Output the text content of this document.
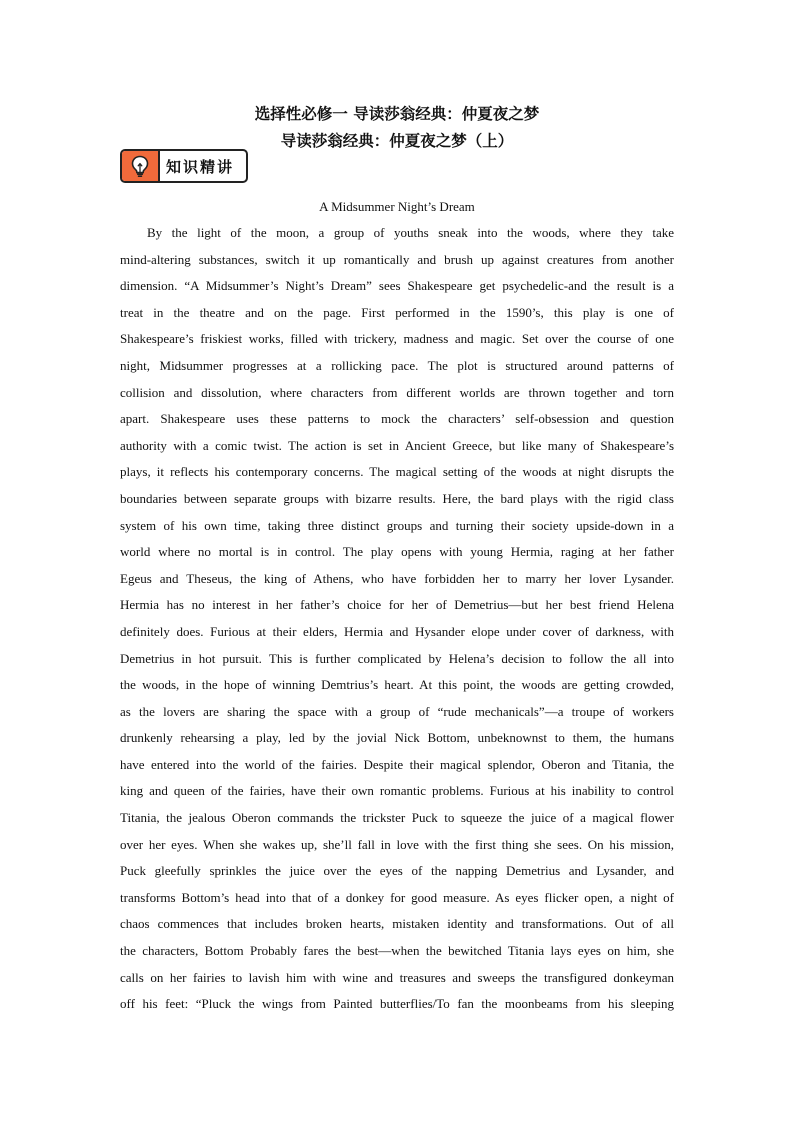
选择性必修一 导读莎翁经典：仲夏夜之梦
导读莎翁经典：仲夏夜之梦（上）
知识精讲
A Midsummer Night’s Dream
By the light of the moon, a group of youths sneak into the woods, where they take
mind-altering substances, switch it up romantically and brush up against creatures from another
dimension. “A Midsummer’s Night’s Dream” sees Shakespeare get psychedelic-and the result is a
treat in the theatre and on the page. First performed in the 1590’s, this play is one of
Shakespeare’s friskiest works, filled with trickery, madness and magic. Set over the course of one
night, Midsummer progresses at a rollicking pace. The plot is structured around patterns of
collision and dissolution, where characters from different worlds are thrown together and torn
apart. Shakespeare uses these patterns to mock the characters’ self-obsession and question
authority with a comic twist. The action is set in Ancient Greece, but like many of Shakespeare’s
plays, it reflects his contemporary concerns. The magical setting of the woods at night disrupts the
boundaries between separate groups with bizarre results. Here, the bard plays with the rigid class
system of his own time, taking three distinct groups and turning their society upside-down in a
world where no mortal is in control. The play opens with young Hermia, raging at her father
Egeus and Theseus, the king of Athens, who have forbidden her to marry her lover Lysander.
Hermia has no interest in her father’s choice for her of Demetrius—but her best friend Helena
definitely does. Furious at their elders, Hermia and Hysander elope under cover of darkness, with
Demetrius in hot pursuit. This is further complicated by Helena’s decision to follow the all into
the woods, in the hope of winning Demtrius’s heart. At this point, the woods are getting crowded,
as the lovers are sharing the space with a group of “rude mechanicals”—a troupe of workers
drunkenly rehearsing a play, led by the jovial Nick Bottom, unbeknownst to them, the humans
have entered into the world of the fairies. Despite their magical splendor, Oberon and Titania, the
king and queen of the fairies, have their own romantic problems. Furious at his inability to control
Titania, the jealous Oberon commands the trickster Puck to squeeze the juice of a magical flower
over her eyes. When she wakes up, she’ll fall in love with the first thing she sees. On his mission,
Puck gleefully sprinkles the juice over the eyes of the napping Demetrius and Lysander, and
transforms Bottom’s head into that of a donkey for good measure. As eyes flicker open, a night of
chaos commences that includes broken hearts, mistaken identity and transformations. Out of all
the characters, Bottom Probably fares the best—when the bewitched Titania lays eyes on him, she
calls on her fairies to lavish him with wine and treasures and sweeps the transfigured donkeyman
off his feet: “Pluck the wings from Painted butterflies/To fan the moonbeams from his sleeping
